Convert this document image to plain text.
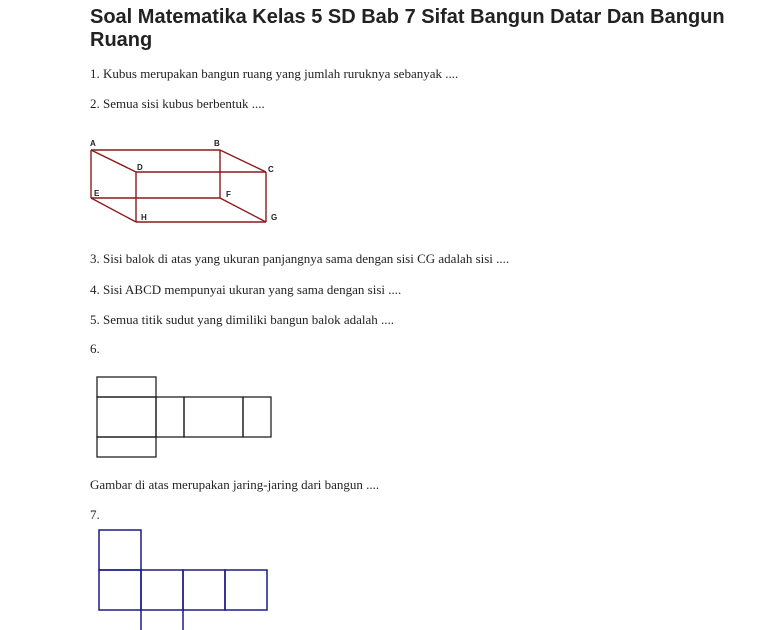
Soal Matematika Kelas 5 SD Bab 7 Sifat Bangun Datar Dan Bangun Ruang
1. Kubus merupakan bangun ruang yang jumlah ruruknya sebanyak ....
2. Semua sisi kubus berbentuk ....
A	B
C
D
E	F
G
H
3. Sisi balok di atas yang ukuran panjangnya sama dengan sisi CG adalah sisi ....
4. Sisi ABCD mempunyai ukuran yang sama dengan sisi ....
5. Semua titik sudut yang dimiliki bangun balok adalah ....
6.
Gambar di atas merupakan jaring-jaring dari bangun ....
7.
